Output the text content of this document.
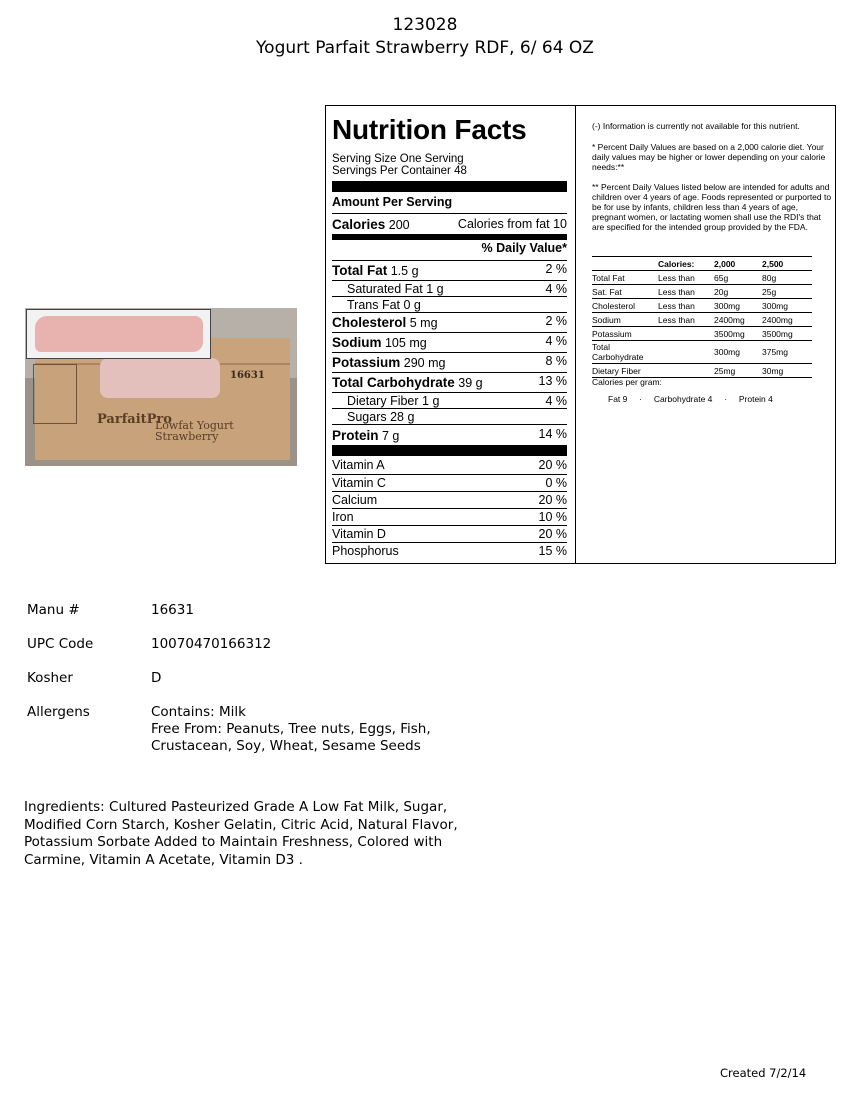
123028
Yogurt Parfait Strawberry RDF, 6/ 64 OZ
16631
ParfaitPro
Lowfat Yogurt Strawberry
Nutrition Facts
Serving Size One Serving
Servings Per Container 48
Amount Per Serving
Calories 200	Calories from fat 10
% Daily Value*
Total Fat 1.5 g	2 %
Saturated Fat 1 g	4 %
Trans Fat 0 g
Cholesterol 5 mg	2 %
Sodium 105 mg	4 %
Potassium 290 mg	8 %
Total Carbohydrate 39 g	13 %
Dietary Fiber 1 g	4 %
Sugars 28 g
Protein 7 g	14 %
Vitamin A	20 %
Vitamin C	0 %
Calcium	20 %
Iron	10 %
Vitamin D	20 %
Phosphorus	15 %
(-) Information is currently not available for this nutrient.
* Percent Daily Values are based on a 2,000 calorie diet. Your daily values may be higher or lower depending on your calorie needs:**
** Percent Daily Values listed below are intended for adults and children over 4 years of age. Foods represented or purported to be for use by infants, children less than 4 years of age, pregnant women, or lactating women shall use the RDI's that are specified for the intended group provided by the FDA.
	Calories:	2,000	2,500
Total Fat	Less than	65g	80g
Sat. Fat	Less than	20g	25g
Cholesterol	Less than	300mg	300mg
Sodium	Less than	2400mg	2400mg
Potassium		3500mg	3500mg
Total Carbohydrate		300mg	375mg
Dietary Fiber		25mg	30mg
Calories per gram:
Fat 9     ·     Carbohydrate 4     ·     Protein 4
Manu #	16631
UPC Code	10070470166312
Kosher	D
Allergens	Contains: Milk
Free From: Peanuts, Tree nuts, Eggs, Fish,
Crustacean, Soy, Wheat, Sesame Seeds
Ingredients: Cultured Pasteurized Grade A Low Fat Milk, Sugar, Modified Corn Starch, Kosher Gelatin, Citric Acid, Natural Flavor, Potassium Sorbate Added to Maintain Freshness, Colored with Carmine, Vitamin A Acetate, Vitamin D3 .
Created 7/2/14
